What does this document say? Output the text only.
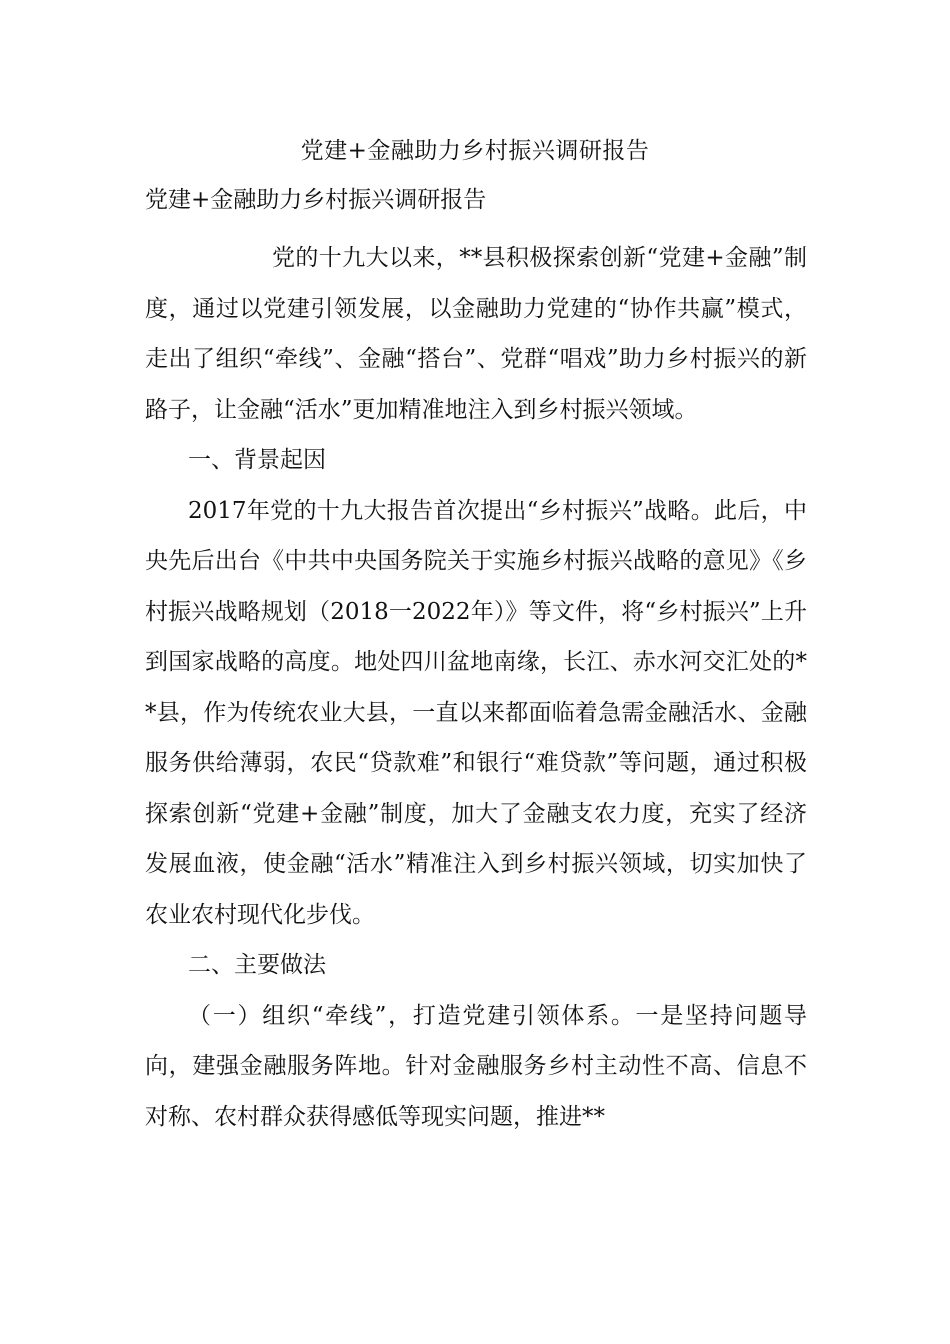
党建+金融助力乡村振兴调研报告
党建+金融助力乡村振兴调研报告

党的十九大以来，**县积极探索创新“党建+金融”制度，通过以党建引领发展，以金融助力党建的“协作共赢”模式，走出了组织“牵线”、金融“搭台”、党群“唱戏”助力乡村振兴的新路子，让金融“活水”更加精准地注入到乡村振兴领域。

一、背景起因

2017年党的十九大报告首次提出“乡村振兴”战略。此后，中央先后出台《中共中央国务院关于实施乡村振兴战略的意见》《乡村振兴战略规划（2018一2022年）》等文件，将“乡村振兴”上升到国家战略的高度。地处四川盆地南缘，长江、赤水河交汇处的**县，作为传统农业大县，一直以来都面临着急需金融活水、金融服务供给薄弱，农民“贷款难”和银行“难贷款”等问题，通过积极探索创新“党建+金融”制度，加大了金融支农力度，充实了经济发展血液，使金融“活水”精准注入到乡村振兴领域，切实加快了农业农村现代化步伐。

二、主要做法

（一）组织“牵线”，打造党建引领体系。一是坚持问题导向，建强金融服务阵地。针对金融服务乡村主动性不高、信息不对称、农村群众获得感低等现实问题，推进**
